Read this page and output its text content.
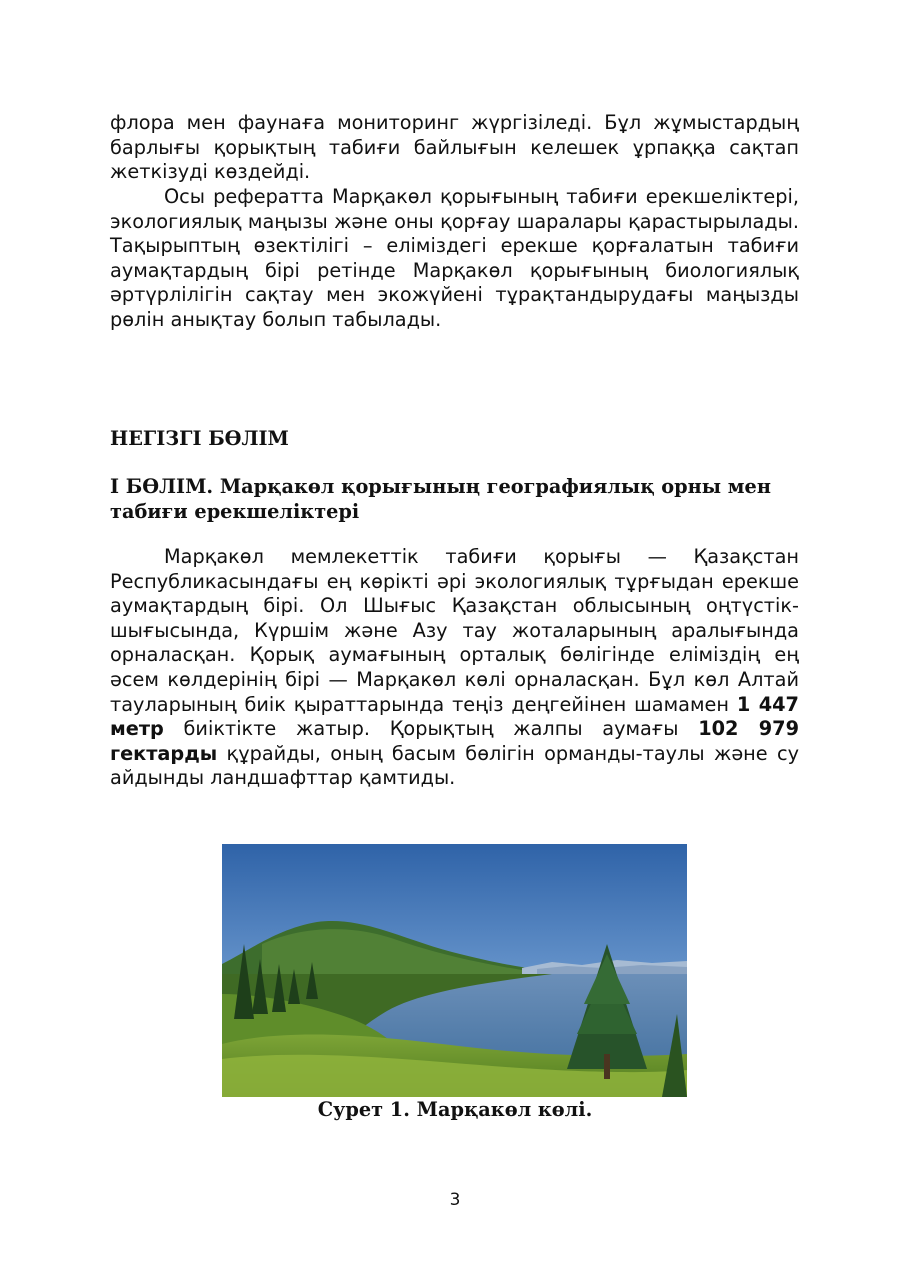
флора мен фаунаға мониторинг жүргізіледі. Бұл жұмыстардың барлығы қорықтың табиғи байлығын келешек ұрпаққа сақтап жеткізуді көздейді.

Осы рефератта Марқакөл қорығының табиғи ерекшеліктері, экологиялық маңызы және оны қорғау шаралары қарастырылады. Тақырыптың өзектілігі – еліміздегі ерекше қорғалатын табиғи аумақтардың бірі ретінде Марқакөл қорығының биологиялық әртүрлілігін сақтау мен экожүйені тұрақтандырудағы маңызды рөлін анықтау болып табылады.

НЕГІЗГІ БӨЛІМ
I БӨЛІМ. Марқакөл қорығының географиялық орны мен табиғи ерекшеліктері

Марқакөл мемлекеттік табиғи қорығы — Қазақстан Республикасындағы ең көрікті әрі экологиялық тұрғыдан ерекше аумақтардың бірі. Ол Шығыс Қазақстан облысының оңтүстік-шығысында, Күршім және Азу тау жоталарының аралығында орналасқан. Қорық аумағының орталық бөлігінде еліміздің ең әсем көлдерінің бірі — Марқакөл көлі орналасқан. Бұл көл Алтай тауларының биік қыраттарында теңіз деңгейінен шамамен 1 447 метр биіктікте жатыр. Қорықтың жалпы аумағы 102 979 гектарды құрайды, оның басым бөлігін орманды-таулы және су айдынды ландшафттар қамтиды.

Сурет 1. Марқакөл көлі.
3
